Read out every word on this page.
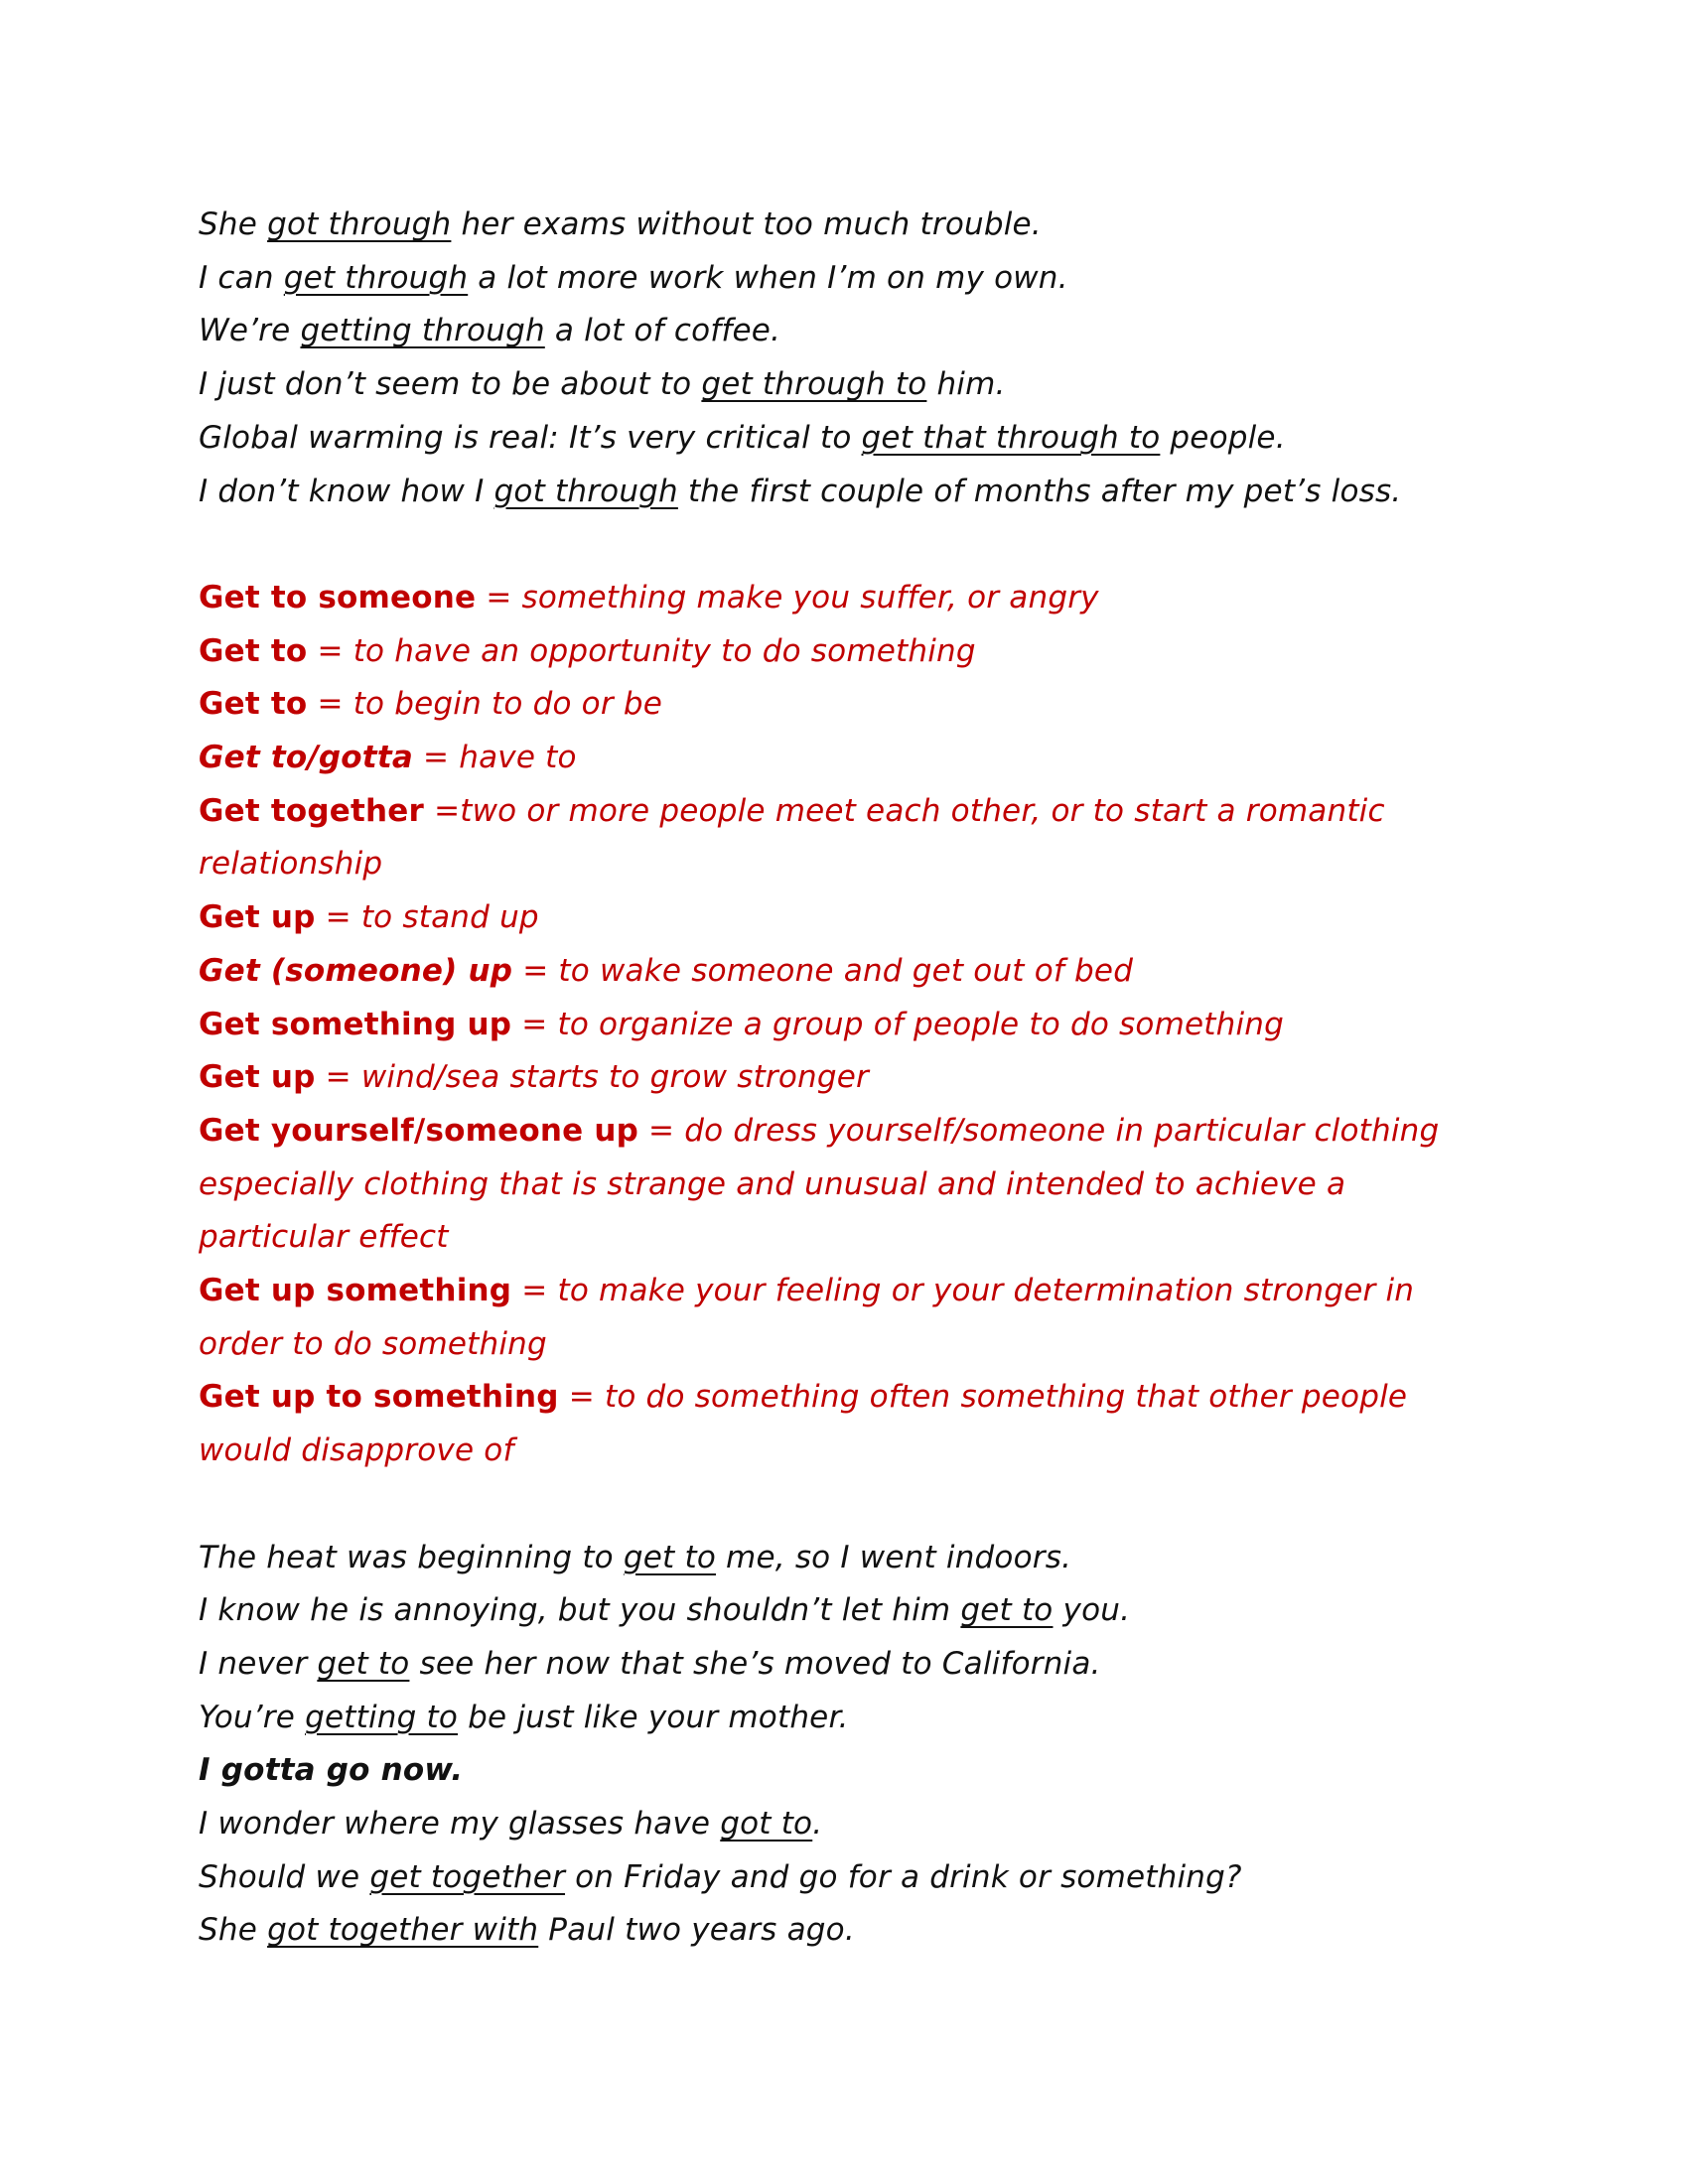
She got through her exams without too much trouble.

I can get through a lot more work when I’m on my own.

We’re getting through a lot of coffee.

I just don’t seem to be about to get through to him.

Global warming is real: It’s very critical to get that through to people.

I don’t know how I got through the first couple of months after my pet’s loss.

Get to someone = something make you suffer, or angry

Get to = to have an opportunity to do something

Get to = to begin to do or be

Get to/gotta = have to

Get together =two or more people meet each other, or to start a romantic relationship

Get up = to stand up

Get (someone) up = to wake someone and get out of bed

Get something up = to organize a group of people to do something

Get up = wind/sea starts to grow stronger

Get yourself/someone up = do dress yourself/someone in particular clothing especially clothing that is strange and unusual and intended to achieve a particular effect

Get up something = to make your feeling or your determination stronger in order to do something

Get up to something = to do something often something that other people would disapprove of

The heat was beginning to get to me, so I went indoors.

I know he is annoying, but you shouldn’t let him get to you.

I never get to see her now that she’s moved to California.

You’re getting to be just like your mother.

I gotta go now.

I wonder where my glasses have got to.

Should we get together on Friday and go for a drink or something?

She got together with Paul two years ago.
